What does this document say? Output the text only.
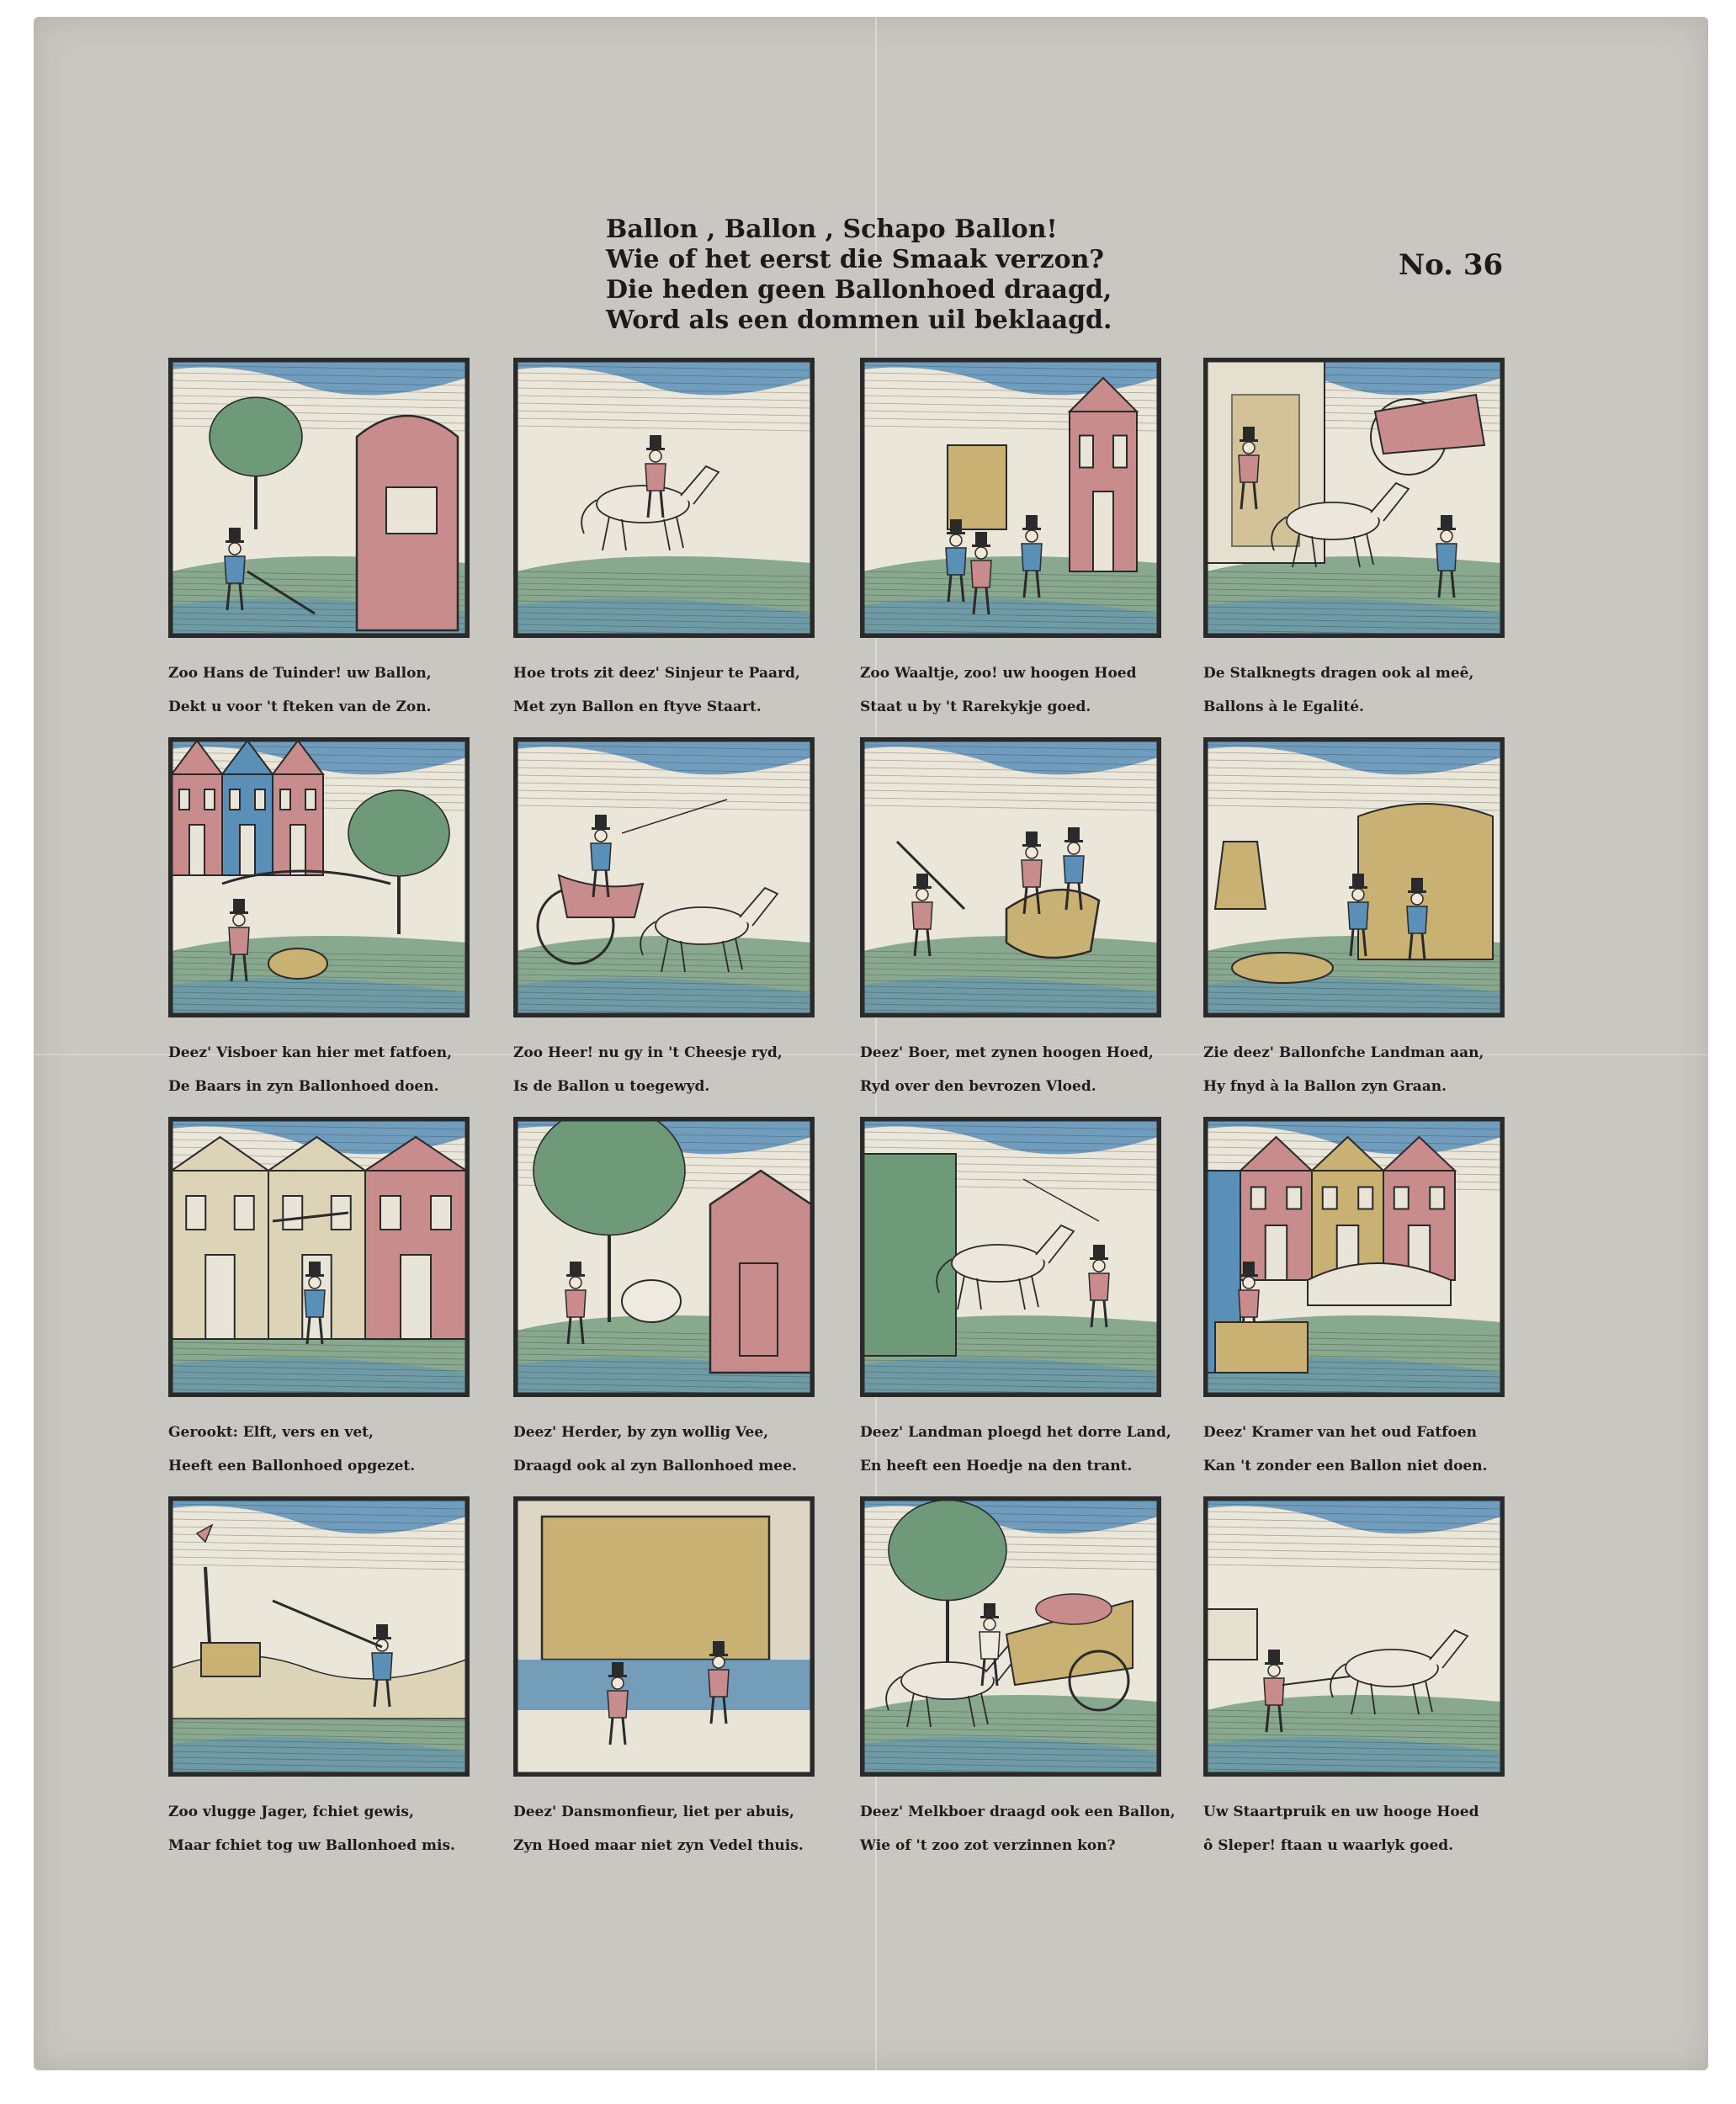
Ballon , Ballon , Schapo Ballon!
Wie of het eerst die Smaak verzon?
Die heden geen Ballonhoed draagd,
Word als een dommen uil beklaagd.
No. 36
Zoo Hans de Tuinder! uw Ballon,
Dekt u voor 't fteken van de Zon.
Hoe trots zit deez' Sinjeur te Paard,
Met zyn Ballon en ftyve Staart.
Zoo Waaltje, zoo! uw hoogen Hoed
Staat u by 't Rarekykje goed.
De Stalknegts dragen ook al meê,
Ballons à le Egalité.
Deez' Visboer kan hier met fatfoen,
De Baars in zyn Ballonhoed doen.
Zoo Heer! nu gy in 't Cheesje ryd,
Is de Ballon u toegewyd.
Deez' Boer, met zynen hoogen Hoed,
Ryd over den bevrozen Vloed.
Zie deez' Ballonfche Landman aan,
Hy fnyd à la Ballon zyn Graan.
Gerookt: Elft, vers en vet,
Heeft een Ballonhoed opgezet.
Deez' Herder, by zyn wollig Vee,
Draagd ook al zyn Ballonhoed mee.
Deez' Landman ploegd het dorre Land,
En heeft een Hoedje na den trant.
Deez' Kramer van het oud Fatfoen
Kan 't zonder een Ballon niet doen.
Zoo vlugge Jager, fchiet gewis,
Maar fchiet tog uw Ballonhoed mis.
Deez' Dansmonfieur, liet per abuis,
Zyn Hoed maar niet zyn Vedel thuis.
Deez' Melkboer draagd ook een Ballon,
Wie of 't zoo zot verzinnen kon?
Uw Staartpruik en uw hooge Hoed
ô Sleper! ftaan u waarlyk goed.
